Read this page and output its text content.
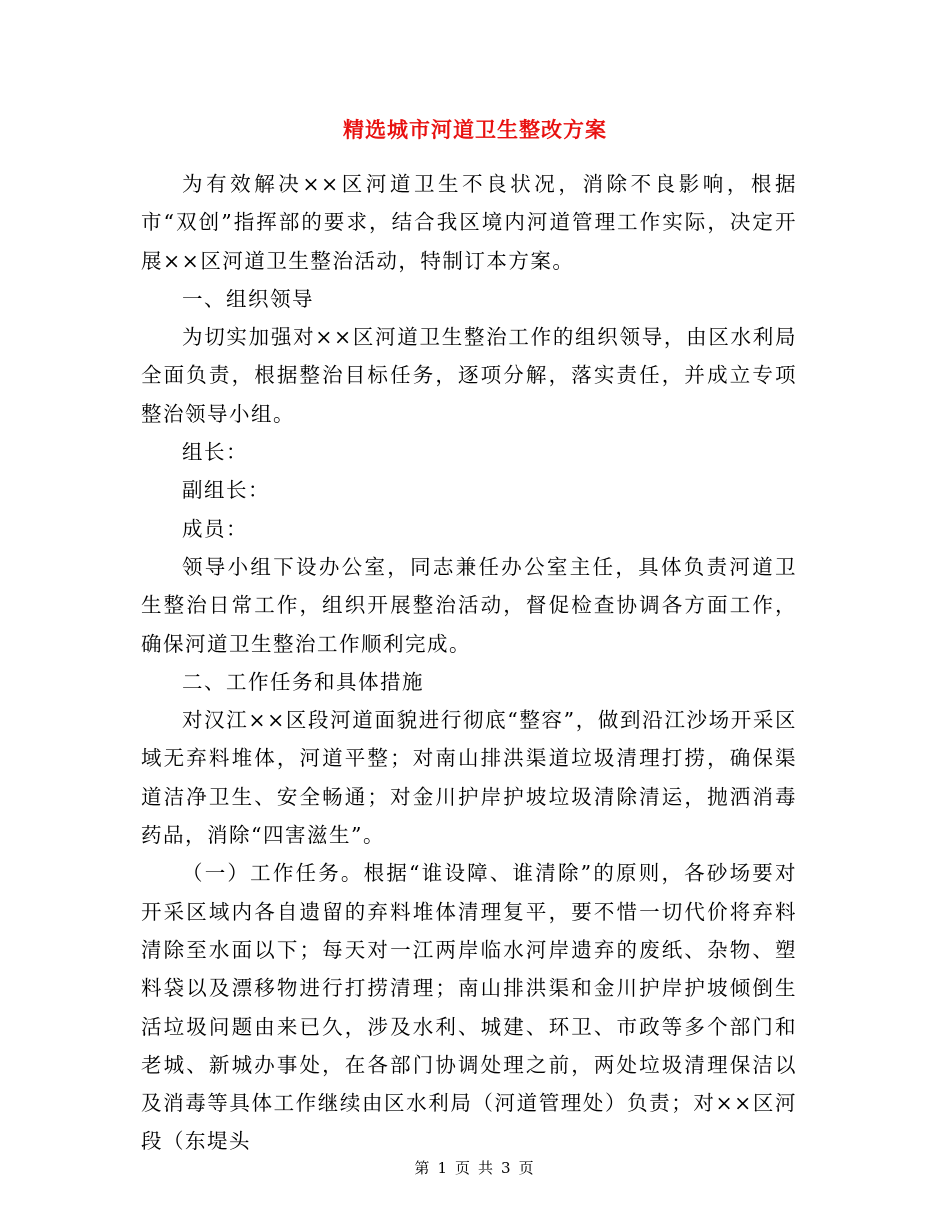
精选城市河道卫生整改方案

为有效解决××区河道卫生不良状况，消除不良影响，根据市“双创”指挥部的要求，结合我区境内河道管理工作实际，决定开展××区河道卫生整治活动，特制订本方案。

一、组织领导

为切实加强对××区河道卫生整治工作的组织领导，由区水利局全面负责，根据整治目标任务，逐项分解，落实责任，并成立专项整治领导小组。

组长：

副组长：

成员：

领导小组下设办公室，同志兼任办公室主任，具体负责河道卫生整治日常工作，组织开展整治活动，督促检查协调各方面工作，确保河道卫生整治工作顺利完成。

二、工作任务和具体措施

对汉江××区段河道面貌进行彻底“整容”，做到沿江沙场开采区域无弃料堆体，河道平整；对南山排洪渠道垃圾清理打捞，确保渠道洁净卫生、安全畅通；对金川护岸护坡垃圾清除清运，抛洒消毒药品，消除“四害滋生”。

（一）工作任务。根据“谁设障、谁清除”的原则，各砂场要对开采区域内各自遗留的弃料堆体清理复平，要不惜一切代价将弃料清除至水面以下；每天对一江两岸临水河岸遗弃的废纸、杂物、塑料袋以及漂移物进行打捞清理；南山排洪渠和金川护岸护坡倾倒生活垃圾问题由来已久，涉及水利、城建、环卫、市政等多个部门和老城、新城办事处，在各部门协调处理之前，两处垃圾清理保洁以及消毒等具体工作继续由区水利局（河道管理处）负责；对××区河段（东堤头

第 1 页 共 3 页
